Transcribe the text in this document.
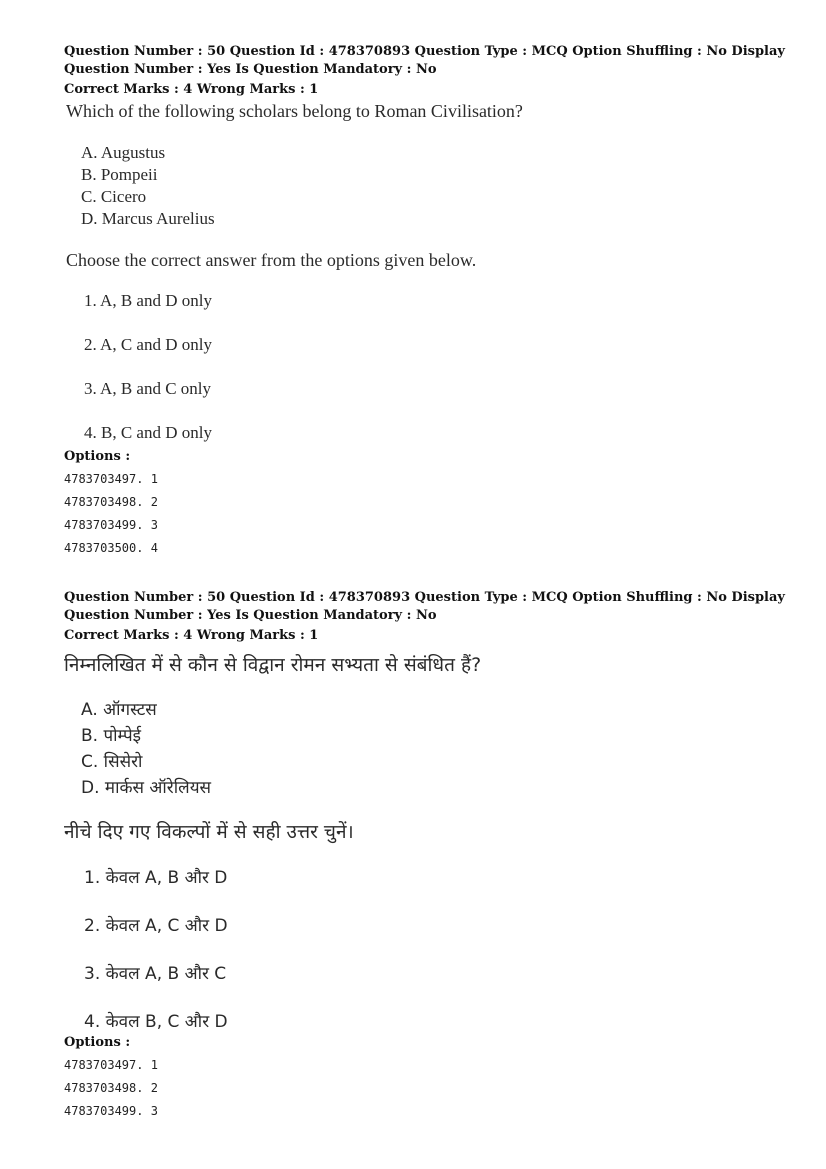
Question Number : 50 Question Id : 478370893 Question Type : MCQ Option Shuffling : No Display
Question Number : Yes Is Question Mandatory : No
Correct Marks : 4 Wrong Marks : 1
Which of the following scholars belong to Roman Civilisation?
A. Augustus
B. Pompeii
C. Cicero
D. Marcus Aurelius
Choose the correct answer from the options given below.
1. A, B and D only
2. A, C and D only
3. A, B and C only
4. B, C and D only
Options :
4783703497. 1
4783703498. 2
4783703499. 3
4783703500. 4
Question Number : 50 Question Id : 478370893 Question Type : MCQ Option Shuffling : No Display
Question Number : Yes Is Question Mandatory : No
Correct Marks : 4 Wrong Marks : 1
निम्नलिखित में से कौन से विद्वान रोमन सभ्यता से संबंधित हैं?
A. ऑगस्टस
B. पोम्पेई
C. सिसेरो
D. मार्कस ऑरेलियस
नीचे दिए गए विकल्पों में से सही उत्तर चुनें।
1. केवल A, B और D
2. केवल A, C और D
3. केवल A, B और C
4. केवल B, C और D
Options :
4783703497. 1
4783703498. 2
4783703499. 3
